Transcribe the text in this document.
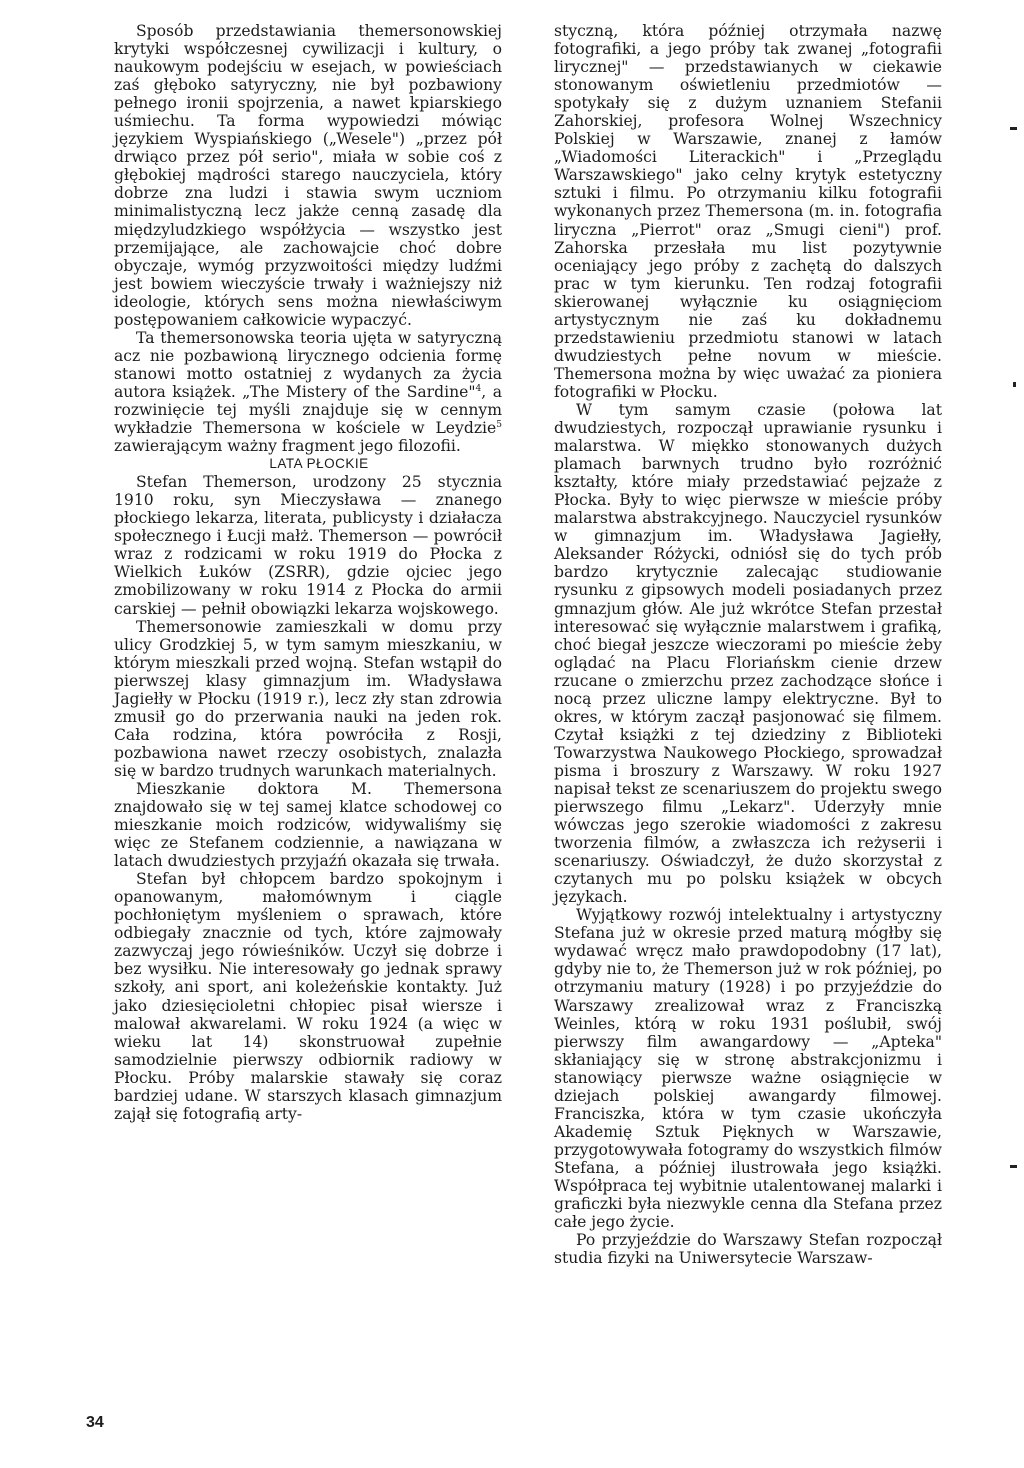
Sposób przedstawiania themersonowskiej krytyki współczesnej cywilizacji i kultury, o naukowym podejściu w esejach, w powieściach zaś głęboko satyryczny, nie był pozbawiony pełnego ironii spojrzenia, a nawet kpiarskiego uśmiechu. Ta forma wypowiedzi mówiąc językiem Wyspiańskiego („Wesele") „przez pół drwiąco przez pół serio", miała w sobie coś z głębokiej mądrości starego nauczyciela, który dobrze zna ludzi i stawia swym uczniom minimalistyczną lecz jakże cenną zasadę dla międzyludzkiego współżycia — wszystko jest przemijające, ale zachowajcie choć dobre obyczaje, wymóg przyzwoitości między ludźmi jest bowiem wieczyście trwały i ważniejszy niż ideologie, których sens można niewłaściwym postępowaniem całkowicie wypaczyć.

Ta themersonowska teoria ujęta w satyryczną acz nie pozbawioną lirycznego odcienia formę stanowi motto ostatniej z wydanych za życia autora książek. „The Mistery of the Sardine"$^4$, a rozwinięcie tej myśli znajduje się w cennym wykładzie Themersona w kościele w Leydzie$^5$ zawierającym ważny fragment jego filozofii.

LATA PŁOCKIE

Stefan Themerson, urodzony 25 stycznia 1910 roku, syn Mieczysława — znanego płockiego lekarza, literata, publicysty i działacza społecznego i Łucji małż. Themerson — powrócił wraz z rodzicami w roku 1919 do Płocka z Wielkich Łuków (ZSRR), gdzie ojciec jego zmobilizowany w roku 1914 z Płocka do armii carskiej — pełnił obowiązki lekarza wojskowego.

Themersonowie zamieszkali w domu przy ulicy Grodzkiej 5, w tym samym mieszkaniu, w którym mieszkali przed wojną. Stefan wstąpił do pierwszej klasy gimnazjum im. Władysława Jagiełły w Płocku (1919 r.), lecz zły stan zdrowia zmusił go do przerwania nauki na jeden rok. Cała rodzina, która powróciła z Rosji, pozbawiona nawet rzeczy osobistych, znalazła się w bardzo trudnych warunkach materialnych.

Mieszkanie doktora M. Themersona znajdowało się w tej samej klatce schodowej co mieszkanie moich rodziców, widywaliśmy się więc ze Stefanem codziennie, a nawiązana w latach dwudziestych przyjaźń okazała się trwała.

Stefan był chłopcem bardzo spokojnym i opanowanym, małomównym i ciągle pochłoniętym myśleniem o sprawach, które odbiegały znacznie od tych, które zajmowały zazwyczaj jego rówieśników. Uczył się dobrze i bez wysiłku. Nie interesowały go jednak sprawy szkoły, ani sport, ani koleżeńskie kontakty. Już jako dziesięcioletni chłopiec pisał wiersze i malował akwarelami. W roku 1924 (a więc w wieku lat 14) skonstruował zupełnie samodzielnie pierwszy odbiornik radiowy w Płocku. Próby malarskie stawały się coraz bardziej udane. W starszych klasach gimnazjum zajął się fotografią arty-

styczną, która później otrzymała nazwę fotografiki, a jego próby tak zwanej „fotografii lirycznej" — przedstawianych w ciekawie stonowanym oświetleniu przedmiotów — spotykały się z dużym uznaniem Stefanii Zahorskiej, profesora Wolnej Wszechnicy Polskiej w Warszawie, znanej z łamów „Wiadomości Literackich" i „Przeglądu Warszawskiego" jako celny krytyk estetyczny sztuki i filmu. Po otrzymaniu kilku fotografii wykonanych przez Themersona (m. in. fotografia liryczna „Pierrot" oraz „Smugi cieni") prof. Zahorska przesłała mu list pozytywnie oceniający jego próby z zachętą do dalszych prac w tym kierunku. Ten rodzaj fotografii skierowanej wyłącznie ku osiągnięciom artystycznym nie zaś ku dokładnemu przedstawieniu przedmiotu stanowi w latach dwudziestych pełne novum w mieście. Themersona można by więc uważać za pioniera fotografiki w Płocku.

W tym samym czasie (połowa lat dwudziestych, rozpoczął uprawianie rysunku i malarstwa. W miękko stonowanych dużych plamach barwnych trudno było rozróżnić kształty, które miały przedstawiać pejzaże z Płocka. Były to więc pierwsze w mieście próby malarstwa abstrakcyjnego. Nauczyciel rysunków w gimnazjum im. Władysława Jagiełły, Aleksander Różycki, odniósł się do tych prób bardzo krytycznie zalecając studiowanie rysunku z gipsowych modeli posiadanych przez gmnazjum głów. Ale już wkrótce Stefan przestał interesować się wyłącznie malarstwem i grafiką, choć biegał jeszcze wieczorami po mieście żeby oglądać na Placu Floriańskm cienie drzew rzucane o zmierzchu przez zachodzące słońce i nocą przez uliczne lampy elektryczne. Był to okres, w którym zaczął pasjonować się filmem. Czytał książki z tej dziedziny z Biblioteki Towarzystwa Naukowego Płockiego, sprowadzał pisma i broszury z Warszawy. W roku 1927 napisał tekst ze scenariuszem do projektu swego pierwszego filmu „Lekarz". Uderzyły mnie wówczas jego szerokie wiadomości z zakresu tworzenia filmów, a zwłaszcza ich reżyserii i scenariuszy. Oświadczył, że dużo skorzystał z czytanych mu po polsku książek w obcych językach.

Wyjątkowy rozwój intelektualny i artystyczny Stefana już w okresie przed maturą mógłby się wydawać wręcz mało prawdopodobny (17 lat), gdyby nie to, że Themerson już w rok później, po otrzymaniu matury (1928) i po przyjeździe do Warszawy zrealizował wraz z Franciszką Weinles, którą w roku 1931 poślubił, swój pierwszy film awangardowy — „Apteka" skłaniający się w stronę abstrakcjonizmu i stanowiący pierwsze ważne osiągnięcie w dziejach polskiej awangardy filmowej. Franciszka, która w tym czasie ukończyła Akademię Sztuk Pięknych w Warszawie, przygotowywała fotogramy do wszystkich filmów Stefana, a później ilustrowała jego książki. Współpraca tej wybitnie utalentowanej malarki i graficzki była niezwykle cenna dla Stefana przez całe jego życie.

Po przyjeździe do Warszawy Stefan rozpoczął studia fizyki na Uniwersytecie Warszaw-

34
